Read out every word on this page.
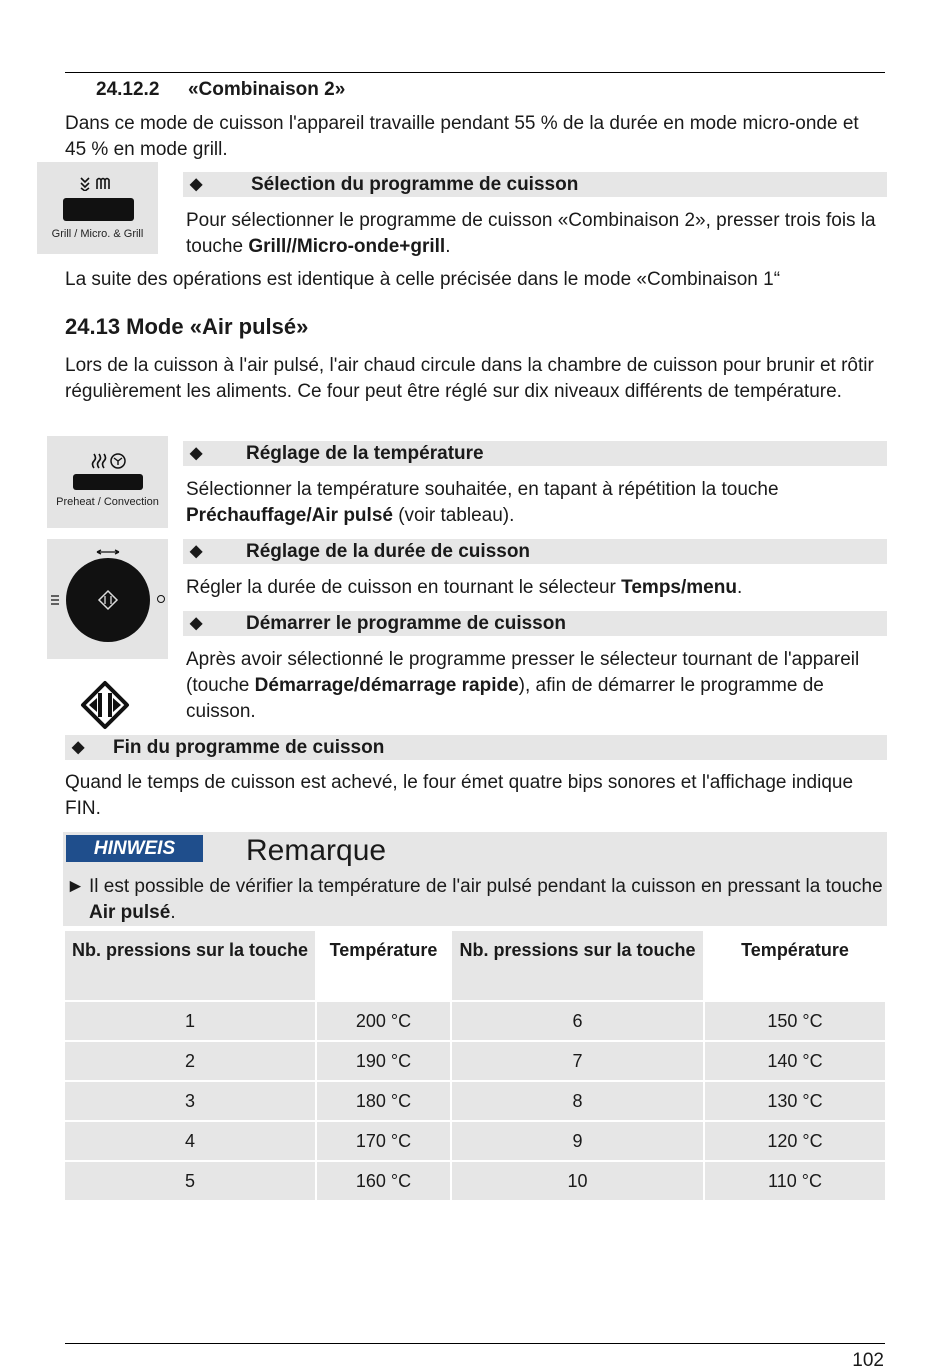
24.12.2 «Combinaison 2»
Dans ce mode de cuisson l'appareil travaille pendant 55 % de la durée en mode micro-onde et 45 % en mode grill.
Grill / Micro. & Grill
◆	Sélection du programme de cuisson
Pour sélectionner le programme de cuisson «Combinaison 2», presser trois fois la touche Grill//Micro-onde+grill.
La suite des opérations est identique à celle précisée dans le mode «Combinaison 1“
24.13 Mode «Air pulsé»
Lors de la cuisson à l'air pulsé, l'air chaud circule dans la chambre de cuisson pour brunir et rôtir régulièrement les aliments. Ce four peut être réglé sur dix niveaux différents de température.
Preheat / Convection
◆ Réglage de la température
Sélectionner la température souhaitée, en tapant à répétition la touche Préchauffage/Air pulsé (voir tableau).
◆ Réglage de la durée de cuisson
Régler la durée de cuisson en tournant le sélecteur Temps/menu.
◆ Démarrer le programme de cuisson
Après avoir sélectionné le programme presser le sélecteur tournant de l'appareil (touche Démarrage/démarrage rapide), afin de démarrer le programme de cuisson.
◆ Fin du programme de cuisson
Quand le temps de cuisson est achevé, le four émet quatre bips sonores et l'affichage indique FIN.
HINWEIS	Remarque
► Il est possible de vérifier la température de l'air pulsé pendant la cuisson en pressant la touche Air pulsé.
Nb. pressions sur la touche	Température	Nb. pressions sur la touche	Température
1	200 °C	6	150 °C
2	190 °C	7	140 °C
3	180 °C	8	130 °C
4	170 °C	9	120 °C
5	160 °C	10	110 °C
102
